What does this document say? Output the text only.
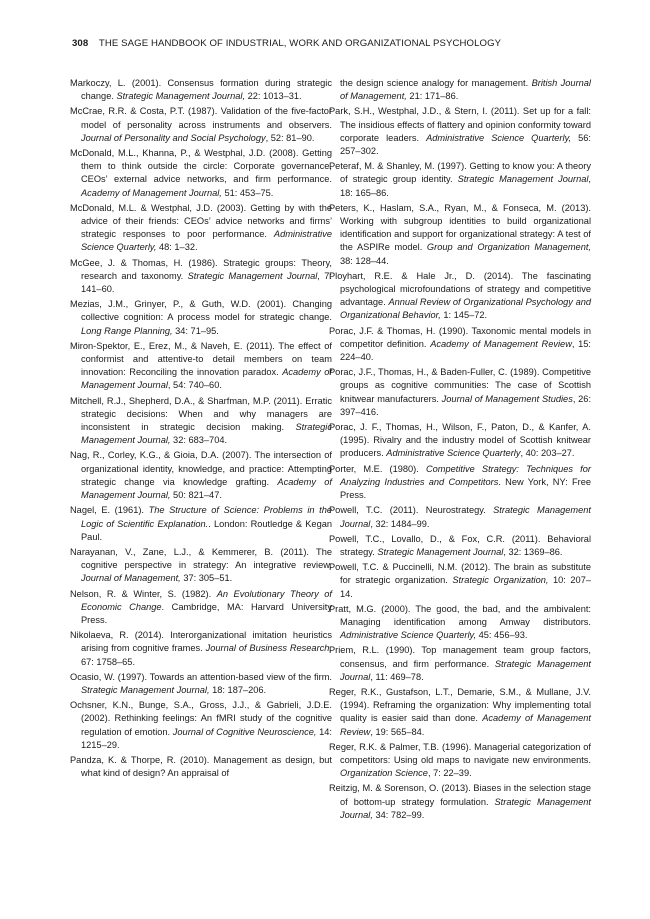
308 THE SAGE HANDBOOK OF INDUSTRIAL, WORK AND ORGANIZATIONAL PSYCHOLOGY

Markoczy, L. (2001). Consensus formation during strategic change. Strategic Management Journal, 22: 1013–31.

McCrae, R.R. & Costa, P.T. (1987). Validation of the five-factor model of personality across instruments and observers. Journal of Personality and Social Psychology, 52: 81–90.

McDonald, M.L., Khanna, P., & Westphal, J.D. (2008). Getting them to think outside the circle: Corporate governance, CEOs’ external advice networks, and firm performance. Academy of Management Journal, 51: 453–75.

McDonald, M.L. & Westphal, J.D. (2003). Getting by with the advice of their friends: CEOs’ advice networks and firms’ strategic responses to poor performance. Administrative Science Quarterly, 48: 1–32.

McGee, J. & Thomas, H. (1986). Strategic groups: Theory, research and taxonomy. Strategic Management Journal, 7: 141–60.

Mezias, J.M., Grinyer, P., & Guth, W.D. (2001). Changing collective cognition: A process model for strategic change. Long Range Planning, 34: 71–95.

Miron-Spektor, E., Erez, M., & Naveh, E. (2011). The effect of conformist and attentive-to detail members on team innovation: Reconciling the innovation paradox. Academy of Management Journal, 54: 740–60.

Mitchell, R.J., Shepherd, D.A., & Sharfman, M.P. (2011). Erratic strategic decisions: When and why managers are inconsistent in strategic decision making. Strategic Management Journal, 32: 683–704.

Nag, R., Corley, K.G., & Gioia, D.A. (2007). The intersection of organizational identity, knowledge, and practice: Attempting strategic change via knowledge grafting. Academy of Management Journal, 50: 821–47.

Nagel, E. (1961). The Structure of Science: Problems in the Logic of Scientific Explanation.. London: Routledge & Kegan Paul.

Narayanan, V., Zane, L.J., & Kemmerer, B. (2011). The cognitive perspective in strategy: An integrative review. Journal of Management, 37: 305–51.

Nelson, R. & Winter, S. (1982). An Evolutionary Theory of Economic Change. Cambridge, MA: Harvard University Press.

Nikolaeva, R. (2014). Interorganizational imitation heuristics arising from cognitive frames. Journal of Business Research, 67: 1758–65.

Ocasio, W. (1997). Towards an attention-based view of the firm. Strategic Management Journal, 18: 187–206.

Ochsner, K.N., Bunge, S.A., Gross, J.J., & Gabrieli, J.D.E. (2002). Rethinking feelings: An fMRI study of the cognitive regulation of emotion. Journal of Cognitive Neuroscience, 14: 1215–29.

Pandza, K. & Thorpe, R. (2010). Management as design, but what kind of design? An appraisal of

the design science analogy for management. British Journal of Management, 21: 171–86.

Park, S.H., Westphal, J.D., & Stern, I. (2011). Set up for a fall: The insidious effects of flattery and opinion conformity toward corporate leaders. Administrative Science Quarterly, 56: 257–302.

Peteraf, M. & Shanley, M. (1997). Getting to know you: A theory of strategic group identity. Strategic Management Journal, 18: 165–86.

Peters, K., Haslam, S.A., Ryan, M., & Fonseca, M. (2013). Working with subgroup identities to build organizational identification and support for organizational strategy: A test of the ASPIRe model. Group and Organization Management, 38: 128–44.

Ployhart, R.E. & Hale Jr., D. (2014). The fascinating psychological microfoundations of strategy and competitive advantage. Annual Review of Organizational Psychology and Organizational Behavior, 1: 145–72.

Porac, J.F. & Thomas, H. (1990). Taxonomic mental models in competitor definition. Academy of Management Review, 15: 224–40.

Porac, J.F., Thomas, H., & Baden-Fuller, C. (1989). Competitive groups as cognitive communities: The case of Scottish knitwear manufacturers. Journal of Management Studies, 26: 397–416.

Porac, J. F., Thomas, H., Wilson, F., Paton, D., & Kanfer, A. (1995). Rivalry and the industry model of Scottish knitwear producers. Administrative Science Quarterly, 40: 203–27.

Porter, M.E. (1980). Competitive Strategy: Techniques for Analyzing Industries and Competitors. New York, NY: Free Press.

Powell, T.C. (2011). Neurostrategy. Strategic Management Journal, 32: 1484–99.

Powell, T.C., Lovallo, D., & Fox, C.R. (2011). Behavioral strategy. Strategic Management Journal, 32: 1369–86.

Powell, T.C. & Puccinelli, N.M. (2012). The brain as substitute for strategic organization. Strategic Organization, 10: 207–14.

Pratt, M.G. (2000). The good, the bad, and the ambivalent: Managing identification among Amway distributors. Administrative Science Quarterly, 45: 456–93.

Priem, R.L. (1990). Top management team group factors, consensus, and firm performance. Strategic Management Journal, 11: 469–78.

Reger, R.K., Gustafson, L.T., Demarie, S.M., & Mullane, J.V. (1994). Reframing the organization: Why implementing total quality is easier said than done. Academy of Management Review, 19: 565–84.

Reger, R.K. & Palmer, T.B. (1996). Managerial categorization of competitors: Using old maps to navigate new environments. Organization Science, 7: 22–39.

Reitzig, M. & Sorenson, O. (2013). Biases in the selection stage of bottom-up strategy formulation. Strategic Management Journal, 34: 782–99.
